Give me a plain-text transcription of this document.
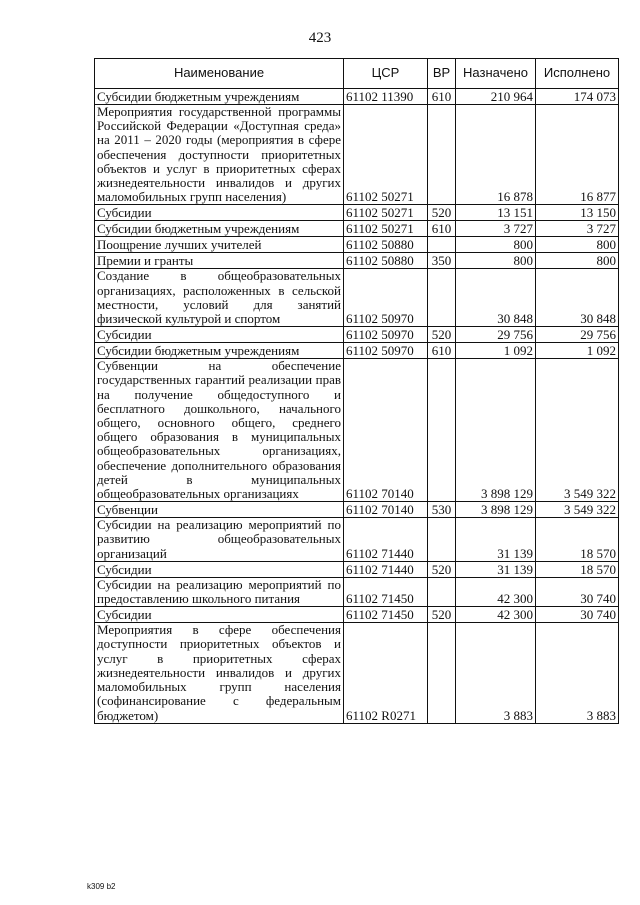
423
Наименование	ЦСР	ВР	Назначено	Исполнено
Субсидии бюджетным учреждениям	61102 11390	610	210 964	174 073
Мероприятия государственной программы Российской Федерации «Доступная среда» на 2011 – 2020 годы (мероприятия в сфере обеспечения доступности приоритетных объектов и услуг в приоритетных сферах жизнедеятельности инвалидов и других маломобильных групп населения)	61102 50271		16 878	16 877
Субсидии	61102 50271	520	13 151	13 150
Субсидии бюджетным учреждениям	61102 50271	610	3 727	3 727
Поощрение лучших учителей	61102 50880		800	800
Премии и гранты	61102 50880	350	800	800
Создание в общеобразовательных организациях, расположенных в сельской местности, условий для занятий физической культурой и спортом	61102 50970		30 848	30 848
Субсидии	61102 50970	520	29 756	29 756
Субсидии бюджетным учреждениям	61102 50970	610	1 092	1 092
Субвенции на обеспечение государственных гарантий реализации прав на получение общедоступного и бесплатного дошкольного, начального общего, основного общего, среднего общего образования в муниципальных общеобразовательных организациях, обеспечение дополнительного образования детей в муниципальных общеобразовательных организациях	61102 70140		3 898 129	3 549 322
Субвенции	61102 70140	530	3 898 129	3 549 322
Субсидии на реализацию мероприятий по развитию общеобразовательных организаций	61102 71440		31 139	18 570
Субсидии	61102 71440	520	31 139	18 570
Субсидии на реализацию мероприятий по предоставлению школьного питания	61102 71450		42 300	30 740
Субсидии	61102 71450	520	42 300	30 740
Мероприятия в сфере обеспечения доступности приоритетных объектов и услуг в приоритетных сферах жизнедеятельности инвалидов и других маломобильных групп населения (софинансирование с федеральным бюджетом)	61102 R0271		3 883	3 883
k309 b2
